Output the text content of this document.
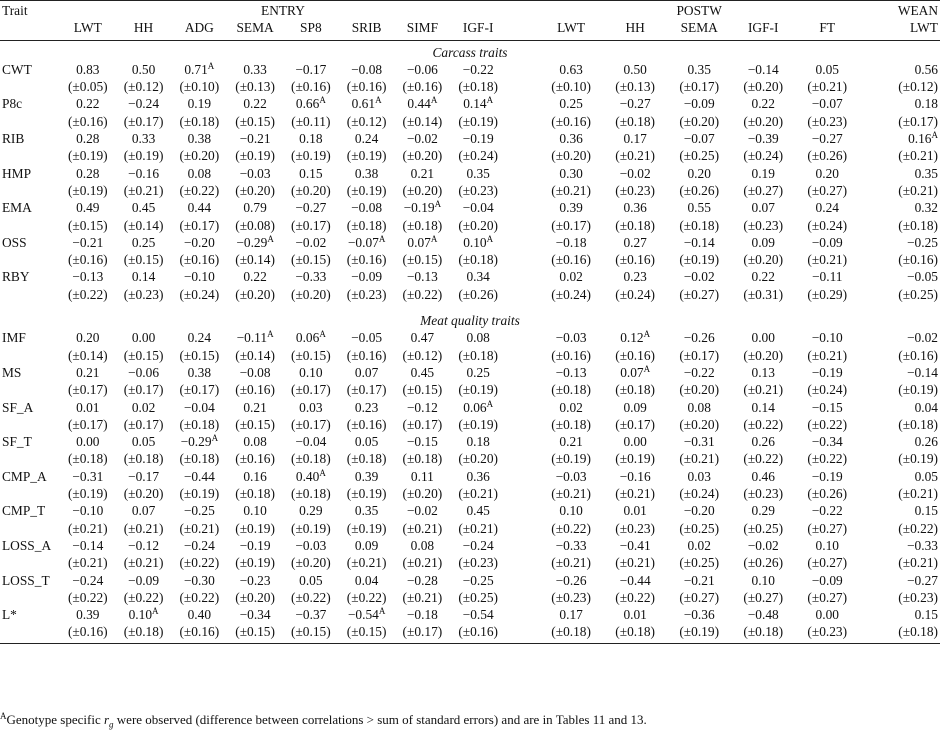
Trait	ENTRY									POSTW					WEAN
	LWT	HH	ADG	SEMA	SP8	SRIB	SIMF	IGF-I		LWT	HH	SEMA	IGF-I	FT	LWT
Carcass traits															
CWT	0.83	0.50	$0.71^A$	0.33	−0.17	−0.08	−0.06	−0.22		0.63	0.50	0.35	−0.14	0.05	0.56
	(±0.05)	(±0.12)	(±0.10)	(±0.13)	(±0.16)	(±0.16)	(±0.16)	(±0.18)		(±0.10)	(±0.13)	(±0.17)	(±0.20)	(±0.21)	(±0.12)
P8c	0.22	−0.24	0.19	0.22	$0.66^A$	$0.61^A$	$0.44^A$	$0.14^A$		0.25	−0.27	−0.09	0.22	−0.07	0.18
	(±0.16)	(±0.17)	(±0.18)	(±0.15)	(±0.11)	(±0.12)	(±0.14)	(±0.19)		(±0.16)	(±0.18)	(±0.20)	(±0.20)	(±0.23)	(±0.17)
RIB	0.28	0.33	0.38	−0.21	0.18	0.24	−0.02	−0.19		0.36	0.17	−0.07	−0.39	−0.27	$0.16^A$
	(±0.19)	(±0.19)	(±0.20)	(±0.19)	(±0.19)	(±0.19)	(±0.20)	(±0.24)		(±0.20)	(±0.21)	(±0.25)	(±0.24)	(±0.26)	(±0.21)
HMP	0.28	−0.16	0.08	−0.03	0.15	0.38	0.21	0.35		0.30	−0.02	0.20	0.19	0.20	0.35
	(±0.19)	(±0.21)	(±0.22)	(±0.20)	(±0.20)	(±0.19)	(±0.20)	(±0.23)		(±0.21)	(±0.23)	(±0.26)	(±0.27)	(±0.27)	(±0.21)
EMA	0.49	0.45	0.44	0.79	−0.27	−0.08	$-0.19^A$	−0.04		0.39	0.36	0.55	0.07	0.24	0.32
	(±0.15)	(±0.14)	(±0.17)	(±0.08)	(±0.17)	(±0.18)	(±0.18)	(±0.20)		(±0.17)	(±0.18)	(±0.18)	(±0.23)	(±0.24)	(±0.18)
OSS	−0.21	0.25	−0.20	$-0.29^A$	−0.02	$-0.07^A$	$0.07^A$	$0.10^A$		−0.18	0.27	−0.14	0.09	−0.09	−0.25
	(±0.16)	(±0.15)	(±0.16)	(±0.14)	(±0.15)	(±0.16)	(±0.15)	(±0.18)		(±0.16)	(±0.16)	(±0.19)	(±0.20)	(±0.21)	(±0.16)
RBY	−0.13	0.14	−0.10	0.22	−0.33	−0.09	−0.13	0.34		0.02	0.23	−0.02	0.22	−0.11	−0.05
	(±0.22)	(±0.23)	(±0.24)	(±0.20)	(±0.20)	(±0.23)	(±0.22)	(±0.26)		(±0.24)	(±0.24)	(±0.27)	(±0.31)	(±0.29)	(±0.25)
Meat quality traits															
IMF	0.20	0.00	0.24	$-0.11^A$	$0.06^A$	−0.05	0.47	0.08		−0.03	$0.12^A$	−0.26	0.00	−0.10	−0.02
	(±0.14)	(±0.15)	(±0.15)	(±0.14)	(±0.15)	(±0.16)	(±0.12)	(±0.18)		(±0.16)	(±0.16)	(±0.17)	(±0.20)	(±0.21)	(±0.16)
MS	0.21	−0.06	0.38	−0.08	0.10	0.07	0.45	0.25		−0.13	$0.07^A$	−0.22	0.13	−0.19	−0.14
	(±0.17)	(±0.17)	(±0.17)	(±0.16)	(±0.17)	(±0.17)	(±0.15)	(±0.19)		(±0.18)	(±0.18)	(±0.20)	(±0.21)	(±0.24)	(±0.19)
SF_A	0.01	0.02	−0.04	0.21	0.03	0.23	−0.12	$0.06^A$		0.02	0.09	0.08	0.14	−0.15	0.04
	(±0.17)	(±0.17)	(±0.18)	(±0.15)	(±0.17)	(±0.16)	(±0.17)	(±0.19)		(±0.18)	(±0.17)	(±0.20)	(±0.22)	(±0.22)	(±0.18)
SF_T	0.00	0.05	$-0.29^A$	0.08	−0.04	0.05	−0.15	0.18		0.21	0.00	−0.31	0.26	−0.34	0.26
	(±0.18)	(±0.18)	(±0.18)	(±0.16)	(±0.18)	(±0.18)	(±0.18)	(±0.20)		(±0.19)	(±0.19)	(±0.21)	(±0.22)	(±0.22)	(±0.19)
CMP_A	−0.31	−0.17	−0.44	0.16	$0.40^A$	0.39	0.11	0.36		−0.03	−0.16	0.03	0.46	−0.19	0.05
	(±0.19)	(±0.20)	(±0.19)	(±0.18)	(±0.18)	(±0.19)	(±0.20)	(±0.21)		(±0.21)	(±0.21)	(±0.24)	(±0.23)	(±0.26)	(±0.21)
CMP_T	−0.10	0.07	−0.25	0.10	0.29	0.35	−0.02	0.45		0.10	0.01	−0.20	0.29	−0.22	0.15
	(±0.21)	(±0.21)	(±0.21)	(±0.19)	(±0.19)	(±0.19)	(±0.21)	(±0.21)		(±0.22)	(±0.23)	(±0.25)	(±0.25)	(±0.27)	(±0.22)
LOSS_A	−0.14	−0.12	−0.24	−0.19	−0.03	0.09	0.08	−0.24		−0.33	−0.41	0.02	−0.02	0.10	−0.33
	(±0.21)	(±0.21)	(±0.22)	(±0.19)	(±0.20)	(±0.21)	(±0.21)	(±0.23)		(±0.21)	(±0.21)	(±0.25)	(±0.26)	(±0.27)	(±0.21)
LOSS_T	−0.24	−0.09	−0.30	−0.23	0.05	0.04	−0.28	−0.25		−0.26	−0.44	−0.21	0.10	−0.09	−0.27
	(±0.22)	(±0.22)	(±0.22)	(±0.20)	(±0.22)	(±0.22)	(±0.21)	(±0.25)		(±0.23)	(±0.22)	(±0.27)	(±0.27)	(±0.27)	(±0.23)
L*	0.39	$0.10^A$	0.40	−0.34	−0.37	$-0.54^A$	−0.18	−0.54		0.17	0.01	−0.36	−0.48	0.00	0.15
	(±0.16)	(±0.18)	(±0.16)	(±0.15)	(±0.15)	(±0.15)	(±0.17)	(±0.16)		(±0.18)	(±0.18)	(±0.19)	(±0.18)	(±0.23)	(±0.18)
$^A$Genotype specific $r_g$ were observed (difference between correlations > sum of standard errors) and are in Tables 11 and 13.
